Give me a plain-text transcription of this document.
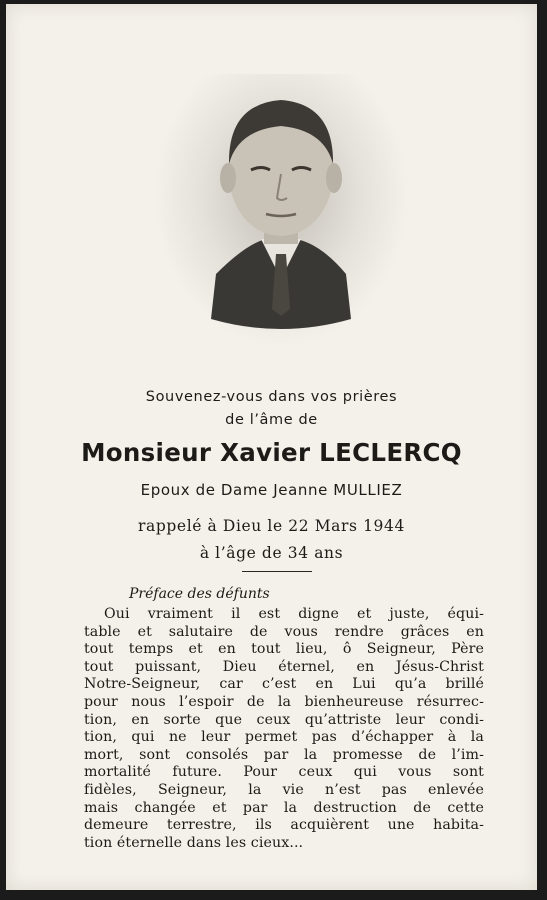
Souvenez-vous dans vos prières
de l’âme de
Monsieur Xavier LECLERCQ
Epoux de Dame Jeanne MULLIEZ
rappelé à Dieu le 22 Mars 1944
à l’âge de 34 ans
Préface des défunts
Oui vraiment il est digne et juste, équi-
table et salutaire de vous rendre grâces en
tout temps et en tout lieu, ô Seigneur, Père
tout puissant, Dieu éternel, en Jésus-Christ
Notre-Seigneur, car c’est en Lui qu’a brillé
pour nous l’espoir de la bienheureuse résurrec-
tion, en sorte que ceux qu’attriste leur condi-
tion, qui ne leur permet pas d’échapper à la
mort, sont consolés par la promesse de l’im-
mortalité future. Pour ceux qui vous sont
fidèles, Seigneur, la vie n’est pas enlevée
mais changée et par la destruction de cette
demeure terrestre, ils acquièrent une habita-
tion éternelle dans les cieux...
